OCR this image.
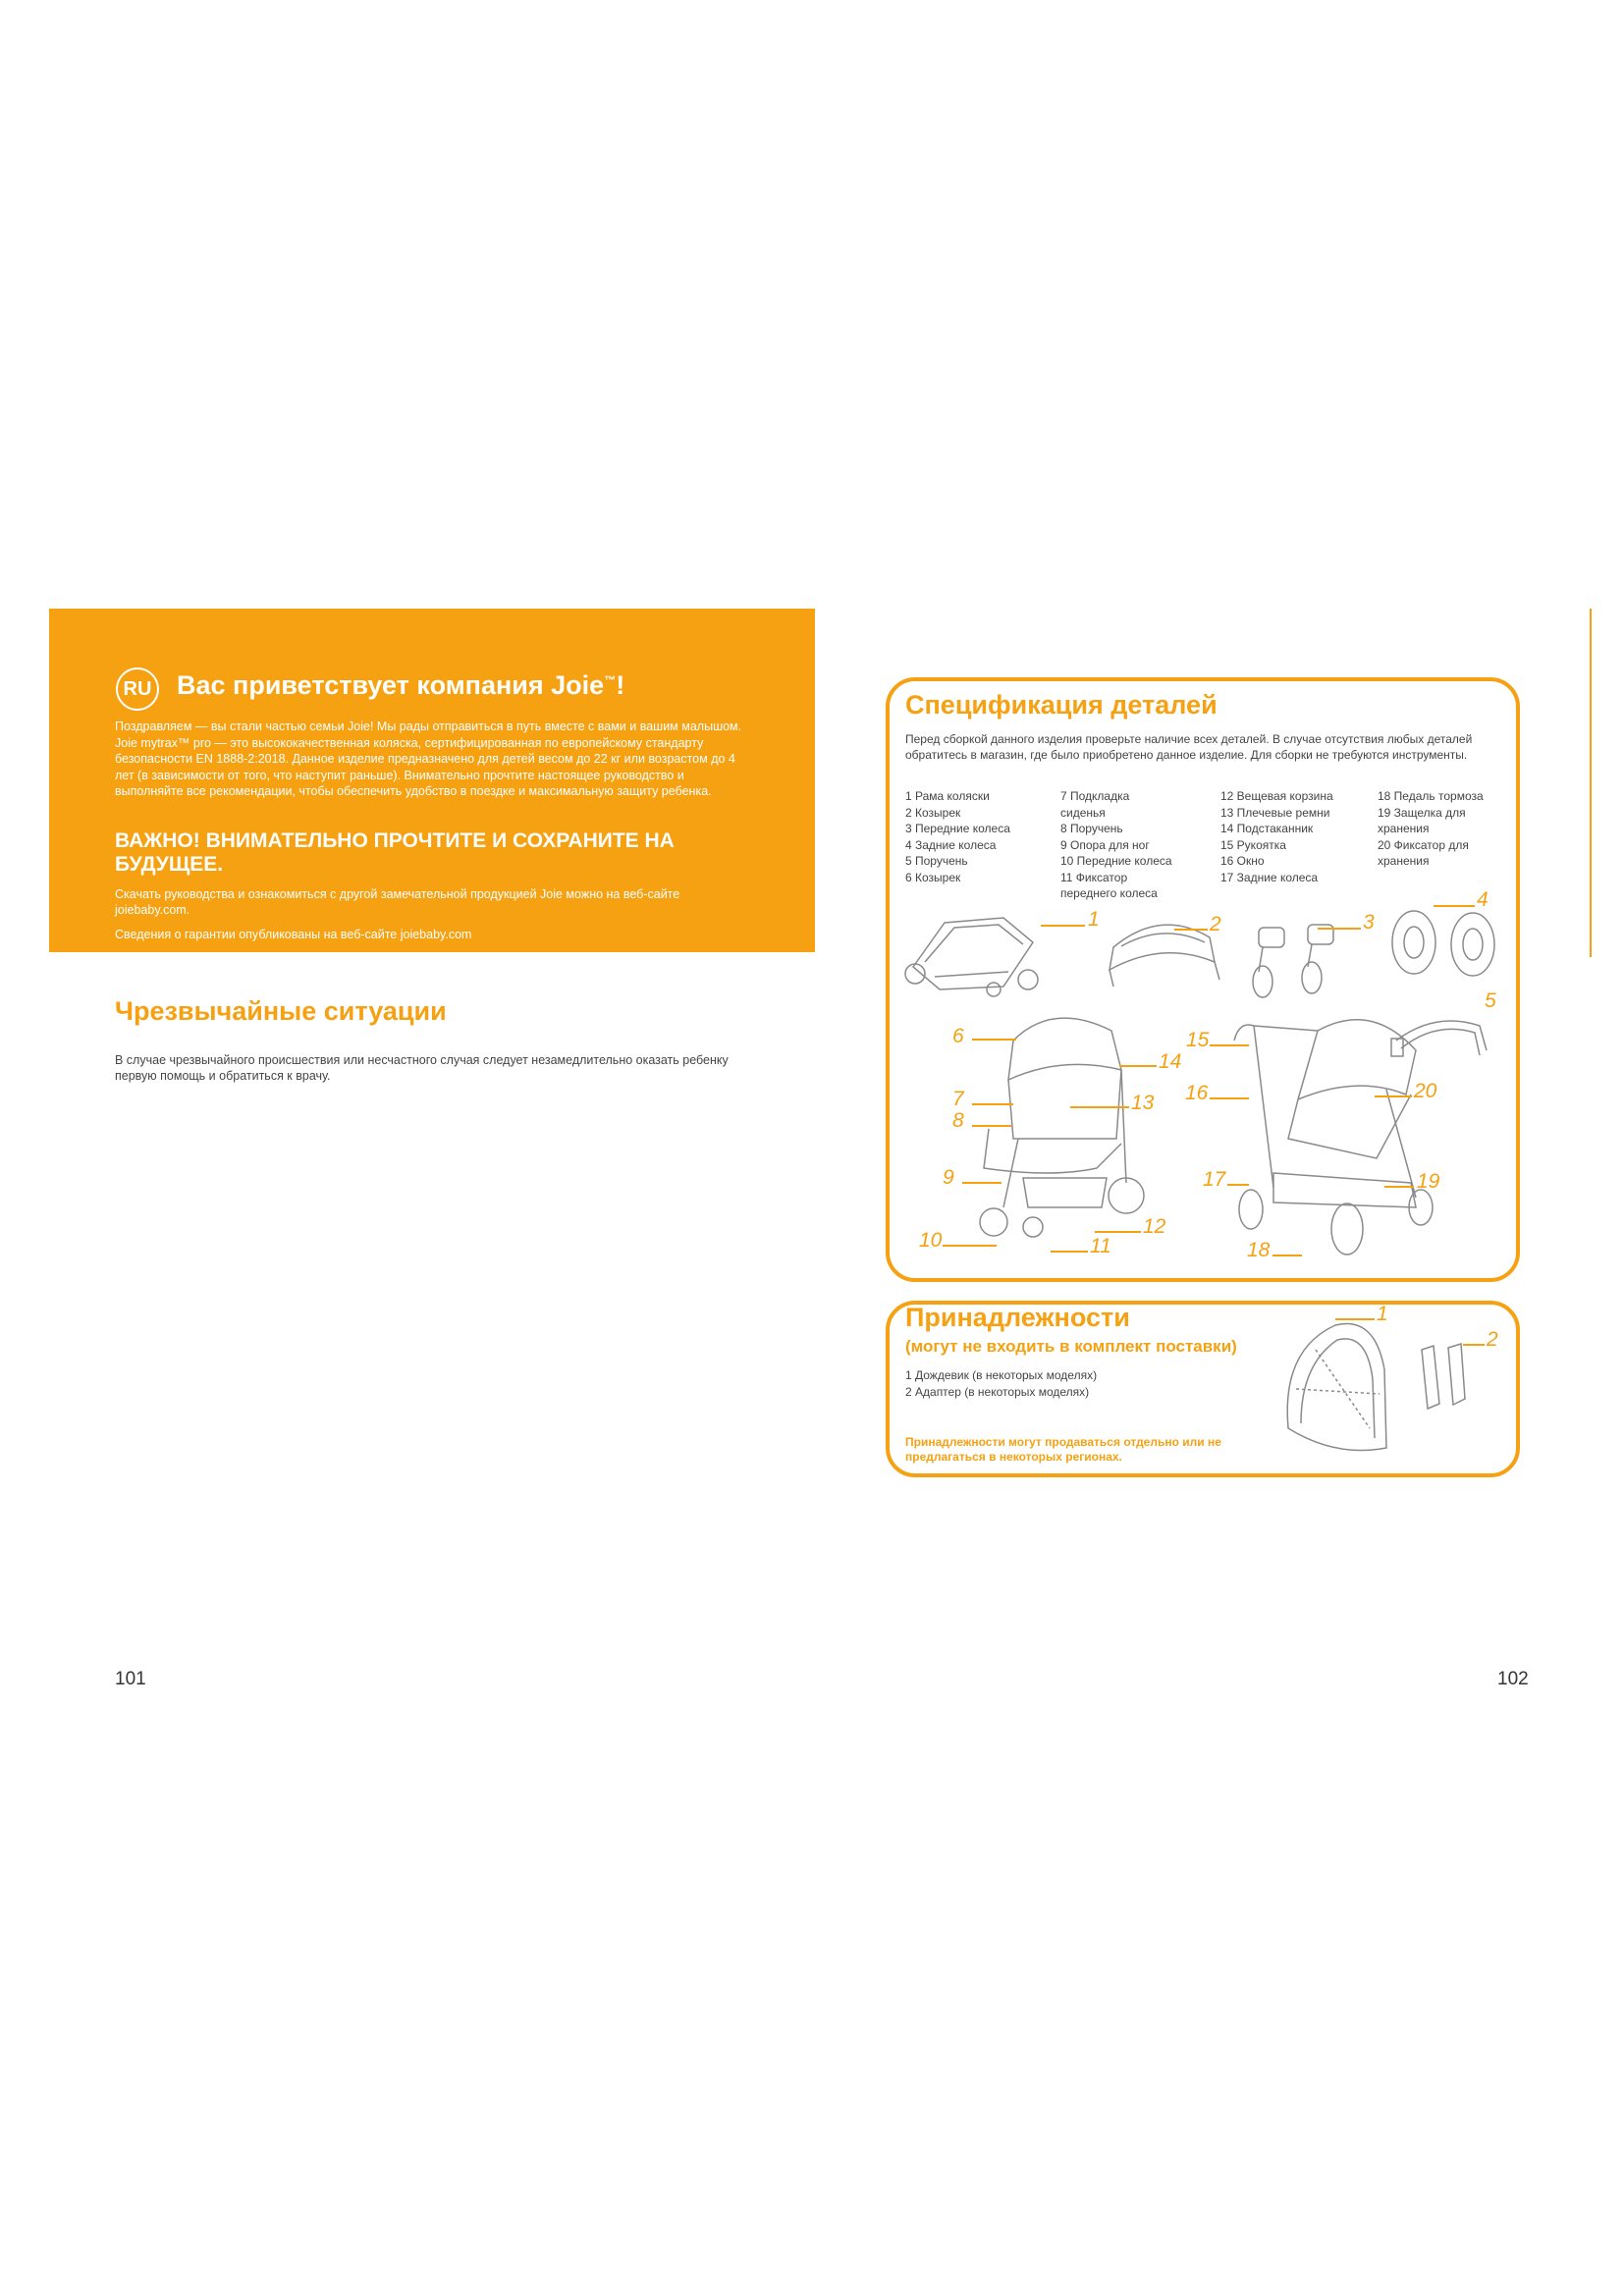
RU Вас приветствует компания Joie™!
Поздравляем — вы стали частью семьи Joie! Мы рады отправиться в путь вместе с вами и вашим малышом. Joie mytrax™ pro — это высококачественная коляска, сертифицированная по европейскому стандарту безопасности EN 1888-2:2018. Данное изделие предназначено для детей весом до 22 кг или возрастом до 4 лет (в зависимости от того, что наступит раньше). Внимательно прочтите настоящее руководство и выполняйте все рекомендации, чтобы обеспечить удобство в поездке и максимальную защиту ребенка.
ВАЖНО! ВНИМАТЕЛЬНО ПРОЧТИТЕ И СОХРАНИТЕ НА БУДУЩЕЕ.
Скачать руководства и ознакомиться с другой замечательной продукцией Joie можно на веб-сайте joiebaby.com.
Сведения о гарантии опубликованы на веб-сайте joiebaby.com
Чрезвычайные ситуации
В случае чрезвычайного происшествия или несчастного случая следует незамедлительно оказать ребенку первую помощь и обратиться к врачу.
101
Спецификация деталей
Перед сборкой данного изделия проверьте наличие всех деталей. В случае отсутствия любых деталей обратитесь в магазин, где было приобретено данное изделие. Для сборки не требуются инструменты.
1 Рама коляски
2 Козырек
3 Передние колеса
4 Задние колеса
5 Поручень
6 Козырек
7 Подкладка
сиденья
8 Поручень
9 Опора для ног
10 Передние колеса
11 Фиксатор
переднего колеса
12 Вещевая корзина
13 Плечевые ремни
14 Подстаканник
15 Рукоятка
16 Окно
17 Задние колеса
18 Педаль тормоза
19 Защелка для
хранения
20 Фиксатор для
хранения
1	2	3
4
5
6
14
7	13
8
9
12
10	11
15
16	20
17	19
18
Принадлежности
(могут не входить в комплект поставки)
1 Дождевик (в некоторых моделях)
2 Адаптер (в некоторых моделях)
Принадлежности могут продаваться отдельно или не предлагаться в некоторых регионах.
1
2
102
